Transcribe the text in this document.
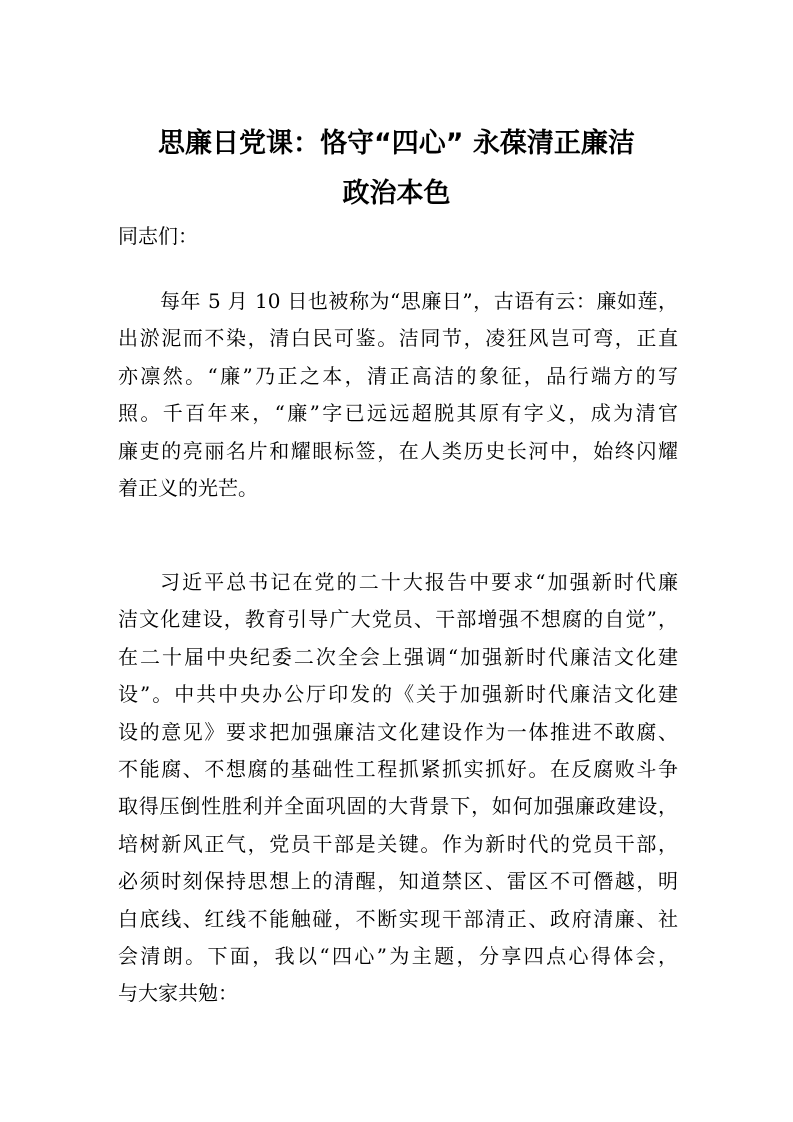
思廉日党课：恪守“四心” 永葆清正廉洁
政治本色
同志们：
每年 5 月 10 日也被称为“思廉日”，古语有云：廉如莲，
出淤泥而不染，清白民可鉴。洁同节，凌狂风岂可弯，正直
亦凛然。“廉”乃正之本，清正高洁的象征，品行端方的写
照。千百年来，“廉”字已远远超脱其原有字义，成为清官
廉吏的亮丽名片和耀眼标签，在人类历史长河中，始终闪耀
着正义的光芒。
习近平总书记在党的二十大报告中要求“加强新时代廉
洁文化建设，教育引导广大党员、干部增强不想腐的自觉”，
在二十届中央纪委二次全会上强调“加强新时代廉洁文化建
设”。中共中央办公厅印发的《关于加强新时代廉洁文化建
设的意见》要求把加强廉洁文化建设作为一体推进不敢腐、
不能腐、不想腐的基础性工程抓紧抓实抓好。在反腐败斗争
取得压倒性胜利并全面巩固的大背景下，如何加强廉政建设，
培树新风正气，党员干部是关键。作为新时代的党员干部，
必须时刻保持思想上的清醒，知道禁区、雷区不可僭越，明
白底线、红线不能触碰，不断实现干部清正、政府清廉、社
会清朗。下面，我以“四心”为主题，分享四点心得体会，
与大家共勉：
